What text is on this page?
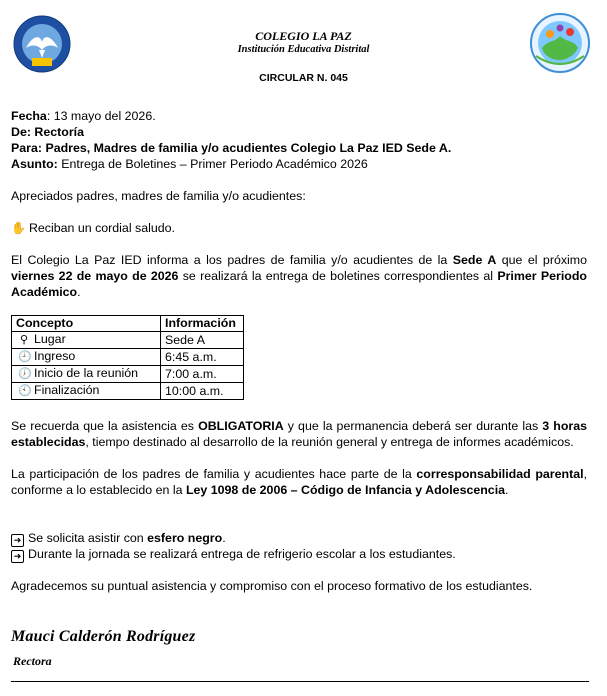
COLEGIO LA PAZ
Institución Educativa Distrital
CIRCULAR N. 045
Fecha: 13 mayo del 2026.
De: Rectoría
Para: Padres, Madres de familia y/o acudientes Colegio La Paz IED Sede A.
Asunto: Entrega de Boletines – Primer Periodo Académico 2026
Apreciados padres, madres de familia y/o acudientes:
✋ Reciban un cordial saludo.
El Colegio La Paz IED informa a los padres de familia y/o acudientes de la Sede A que el próximo viernes 22 de mayo de 2026 se realizará la entrega de boletines correspondientes al Primer Periodo Académico.
Concepto	Información
⚲ Lugar	Sede A
🕘 Ingreso	6:45 a.m.
🕖 Inicio de la reunión	7:00 a.m.
🕙 Finalización	10:00 a.m.
Se recuerda que la asistencia es OBLIGATORIA y que la permanencia deberá ser durante las 3 horas establecidas, tiempo destinado al desarrollo de la reunión general y entrega de informes académicos.
La participación de los padres de familia y acudientes hace parte de la corresponsabilidad parental, conforme a lo establecido en la Ley 1098 de 2006 – Código de Infancia y Adolescencia.
➜ Se solicita asistir con esfero negro.
➜ Durante la jornada se realizará entrega de refrigerio escolar a los estudiantes.
Agradecemos su puntual asistencia y compromiso con el proceso formativo de los estudiantes.
Mauci Calderón Rodríguez
Rectora
